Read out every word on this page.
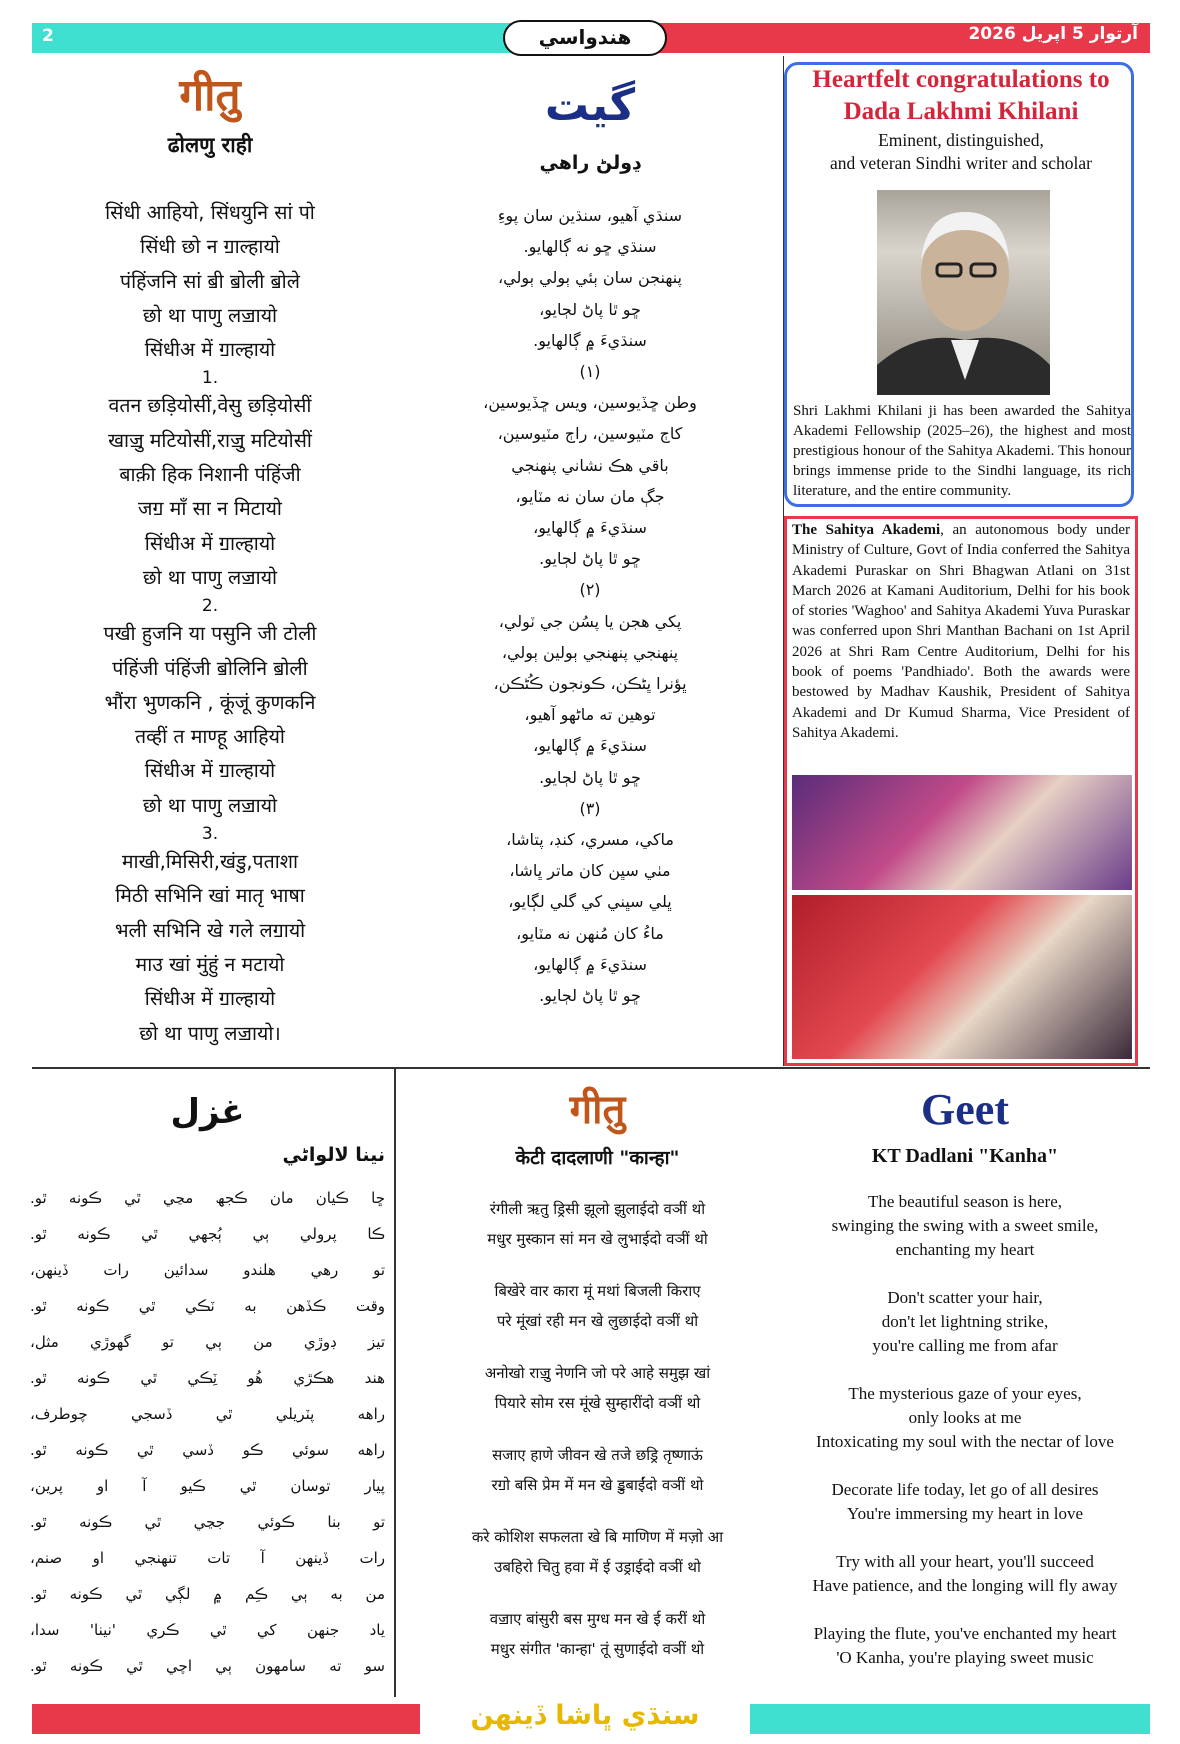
2	هندواسي	آرتوار 5 اپريل 2026
गीतु
ढोलणु राही
सिंधी आहियो, सिंधयुनि सां पो
सिंधी छो न ॻाल्हायो
पंहिंजनि सां ॿी ॿोली ॿोले
छो था पाणु लॼायो
सिंधीअ में ॻाल्हायो
1.
वतन छड़ियोसीं,वेसु छड़ियोसीं
खाॼु मटियोसीं,राॼु मटियोसीं
बाक़ी हिक निशानी पंहिंजी
जॻ माँ सा न मिटायो
सिंधीअ में ॻाल्हायो
छो था पाणु लॼायो
2.
पखी हुजनि या पसुनि जी टोली
पंहिंजी पंहिंजी ॿोलिनि ॿोली
भौंरा भुणकनि , कूंजूं कुणकनि
तव्हीं त माण्हू आहियो
सिंधीअ में ॻाल्हायो
छो था पाणु लॼायो
3.
माखी,मिसिरी,खंडु,पताशा
मिठी सभिनि खां मातृ भाषा
भली सभिनि खे गले लॻायो
माउ खां मुंहुं न मटायो
सिंधीअ में ॻाल्हायो
छो था पाणु लॼायो।
گيت
ڍولڻ راهي
سنڌي آهيو، سنڌين سان پوءِ
سنڌي ڇو نه ڳالهايو.
پنهنجن سان ٻئي ٻولي ٻولي،
ڇو ٿا پاڻ لڄايو،
سنڌيءَ ۾ ڳالهايو.
(١)
وطن ڇڏيوسين، ويس ڇڏيوسين،
کاڄ مٽيوسين، راڄ مٽيوسين،
باقي هڪ نشاني پنهنجي
جڳ مان سان نه مٽايو،
سنڌيءَ ۾ ڳالهايو،
ڇو ٿا پاڻ لڄايو.
(٢)
پکي هجن يا پسُن جي ٽولي،
پنهنجي پنهنجي ٻولين ٻولي،
ڀؤنرا ڀڻڪن، ڪونجون ڪُڻڪن،
توهين ته ماڻهو آهيو،
سنڌيءَ ۾ ڳالهايو،
ڇو ٿا پاڻ لڄايو.
(٣)
ماکي، مسري، کنڊ، پتاشا،
مٺي سڀن کان ماتر ڀاشا،
ڀلي سڀني کي گلي لڳايو،
ماءُ کان مُنهن نه مٽايو،
سنڌيءَ ۾ ڳالهايو،
ڇو ٿا پاڻ لڄايو.
Heartfelt congratulations to
Dada Lakhmi Khilani
Eminent, distinguished,
and veteran Sindhi writer and scholar
Shri Lakhmi Khilani ji has been awarded the Sahitya Akademi Fellowship (2025–26), the highest and most prestigious honour of the Sahitya Akademi. This honour brings immense pride to the Sindhi language, its rich literature, and the entire community.
The Sahitya Akademi, an autonomous body under Ministry of Culture, Govt of India conferred the Sahitya Akademi Puraskar on Shri Bhagwan Atlani on 31st March 2026 at Kamani Auditorium, Delhi for his book of stories 'Waghoo' and Sahitya Akademi Yuva Puraskar was conferred upon Shri Manthan Bachani on 1st April 2026 at Shri Ram Centre Auditorium, Delhi for his book of poems 'Pandhiado'. Both the awards were bestowed by Madhav Kaushik, President of Sahitya Akademi and Dr Kumud Sharma, Vice President of Sahitya Akademi.
غزل
نينا لالواڻي
ڇا ڪيان مان ڪجھ مڃي ٿي ڪونه ٿو.
ڪا پرولي ٻي ٻُجھي ٿي ڪونه ٿو.
تو رهي هلندو سدائين رات ڏينهن،
وقت ڪڏهن به ٽڪي ٿي ڪونه ٿو.
تيز ڊوڙي من ٻي تو گهوڙي مثل،
هند هڪڙي هُو ٽِڪي ٿي ڪونه ٿو.
راهه پٽريلي ٿي ڏسجي چوطرف،
راهه سوئي ڪو ڏسي ٿي ڪونه ٿو.
پيار توسان ٿي ڪيو آ او پرين،
تو بنا ڪوئي جڃي ٿي ڪونه ٿو.
رات ڏينهن آ تات تنهنجي او صنم،
من به ٻي ڪِم ۾ لڳي ٿي ڪونه ٿو.
ياد جنهن کي ٿي ڪري 'نينا' سدا،
سو ته سامهون ٻي اچي ٿي ڪونه ٿو.
गीतु
केटी दादलाणी "कान्हा"
रंगीली ऋतु ड्रिसी झूलो झुलाईदो वञीं थो
मधुर मुस्कान सां मन खे लुभाईदो वञीं थो
बिखेरे वार कारा मूं मथां बिजली किराए
परे मूंखां रही मन खे लुछाईदो वञीं थो
अनोखो राॼु नेणनि जो परे आहे समुझ खां
पियारे सोम रस मूंखे सुम्हारींदो वञीं थो
सजाए हाणे जीवन खे तजे छड्रि तृष्णाऊं
रॻो बसि प्रेम में मन खे ॾुबाईंदो वञीं थो
करे कोशिश सफलता खे बि माणिण में मज़ो आ
उबहिरो चितु हवा में ई उड्राईदो वञीं थो
वॼाए बांसुरी बस मुग्ध मन खे ई करीं थो
मधुर संगीत 'कान्हा' तूं सुणाईदो वञीं थो
Geet
KT Dadlani "Kanha"
The beautiful season is here,
swinging the swing with a sweet smile,
enchanting my heart
Don't scatter your hair,
don't let lightning strike,
you're calling me from afar
The mysterious gaze of your eyes,
only looks at me
Intoxicating my soul with the nectar of love
Decorate life today, let go of all desires
You're immersing my heart in love
Try with all your heart, you'll succeed
Have patience, and the longing will fly away
Playing the flute, you've enchanted my heart
'O Kanha, you're playing sweet music
سنڌي ڀاشا ڏينهن
